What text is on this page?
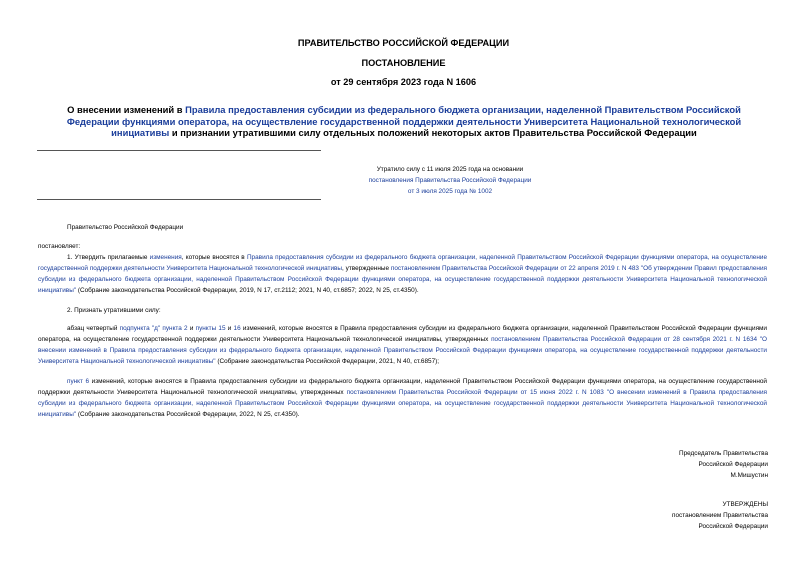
ПРАВИТЕЛЬСТВО РОССИЙСКОЙ ФЕДЕРАЦИИ
ПОСТАНОВЛЕНИЕ
от 29 сентября 2023 года N 1606
О внесении изменений в Правила предоставления субсидии из федерального бюджета организации, наделенной Правительством Российской Федерации функциями оператора, на осуществление государственной поддержки деятельности Университета Национальной технологической инициативы и признании утратившими силу отдельных положений некоторых актов Правительства Российской Федерации
Утратило силу с 11 июля 2025 года на основании
постановления Правительства Российской Федерации
от 3 июля 2025 года № 1002
Правительство Российской Федерации
постановляет:
1. Утвердить прилагаемые изменения, которые вносятся в Правила предоставления субсидии из федерального бюджета организации, наделенной Правительством Российской Федерации функциями оператора, на осуществление государственной поддержки деятельности Университета Национальной технологической инициативы, утвержденные постановлением Правительства Российской Федерации от 22 апреля 2019 г. N 483 "Об утверждении Правил предоставления субсидии из федерального бюджета организации, наделенной Правительством Российской Федерации функциями оператора, на осуществление государственной поддержки деятельности Университета Национальной технологической инициативы" (Собрание законодательства Российской Федерации, 2019, N 17, ст.2112; 2021, N 40, ст.6857; 2022, N 25, ст.4350).
2. Признать утратившими силу:
абзац четвертый подпункта "д" пункта 2 и пункты 15 и 16 изменений, которые вносятся в Правила предоставления субсидии из федерального бюджета организации, наделенной Правительством Российской Федерации функциями оператора, на осуществление государственной поддержки деятельности Университета Национальной технологической инициативы, утвержденных постановлением Правительства Российской Федерации от 28 сентября 2021 г. N 1634 "О внесении изменений в Правила предоставления субсидии из федерального бюджета организации, наделенной Правительством Российской Федерации функциями оператора, на осуществление государственной поддержки деятельности Университета Национальной технологической инициативы" (Собрание законодательства Российской Федерации, 2021, N 40, ст.6857);
пункт 6 изменений, которые вносятся в Правила предоставления субсидии из федерального бюджета организации, наделенной Правительством Российской Федерации функциями оператора, на осуществление государственной поддержки деятельности Университета Национальной технологической инициативы, утвержденных постановлением Правительства Российской Федерации от 15 июня 2022 г. N 1083 "О внесении изменений в Правила предоставления субсидии из федерального бюджета организации, наделенной Правительством Российской Федерации функциями оператора, на осуществление государственной поддержки деятельности Университета Национальной технологической инициативы" (Собрание законодательства Российской Федерации, 2022, N 25, ст.4350).
Председатель Правительства
Российской Федерации
М.Мишустин
УТВЕРЖДЕНЫ
постановлением Правительства
Российской Федерации
